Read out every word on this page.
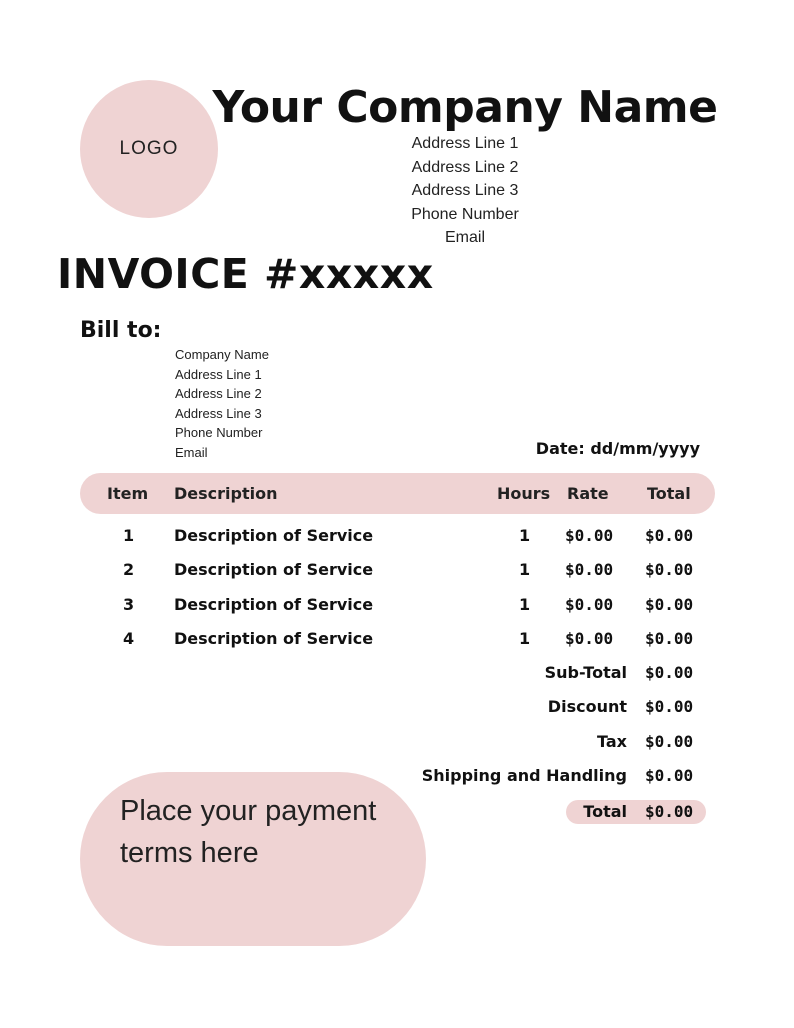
LOGO
Your Company Name
Address Line 1
Address Line 2
Address Line 3
Phone Number
Email
INVOICE #xxxxx
Bill to:
Company Name
Address Line 1
Address Line 2
Address Line 3
Phone Number
Email	Date: dd/mm/yyyy
Item Description	Hours Rate Total
1 Description of Service	1 $0.00 $0.00
2 Description of Service	1 $0.00 $0.00
3 Description of Service	1 $0.00 $0.00
4 Description of Service	1 $0.00 $0.00
Sub-Total $0.00
Discount $0.00
Tax $0.00
Shipping and Handling $0.00
Total $0.00
Place your payment terms here
